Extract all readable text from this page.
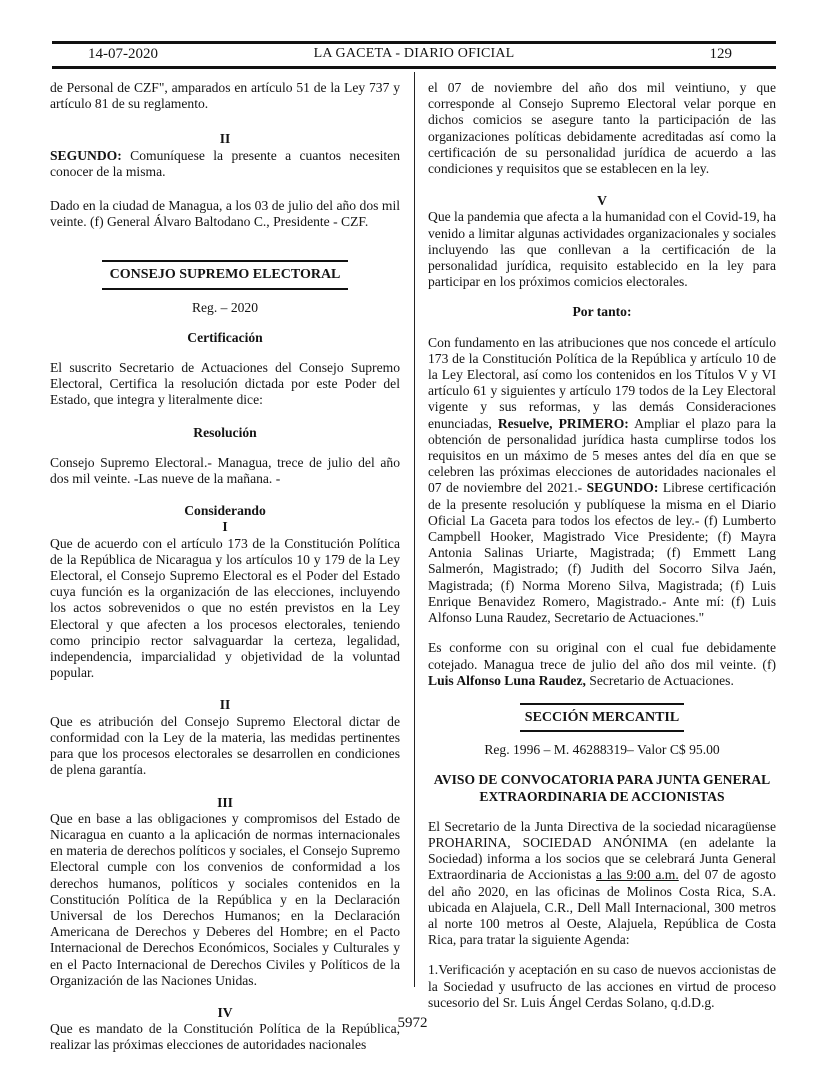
14-07-2020	LA GACETA - DIARIO OFICIAL	129

de Personal de CZF", amparados en artículo 51 de la Ley 737 y artículo 81 de su reglamento.

II

SEGUNDO: Comuníquese la presente a cuantos necesiten conocer de la misma.

Dado en la ciudad de Managua, a los 03 de julio del año dos mil veinte. (f) General Álvaro Baltodano C., Presidente - CZF.

CONSEJO SUPREMO ELECTORAL

Reg. – 2020

Certificación

El suscrito Secretario de Actuaciones del Consejo Supremo Electoral, Certifica la resolución dictada por este Poder del Estado, que integra y literalmente dice:

Resolución

Consejo Supremo Electoral.- Managua, trece de julio del año dos mil veinte. -Las nueve de la mañana. -

Considerando

I

Que de acuerdo con el artículo 173 de la Constitución Política de la República de Nicaragua y los artículos 10 y 179 de la Ley Electoral, el Consejo Supremo Electoral es el Poder del Estado cuya función es la organización de las elecciones, incluyendo los actos sobrevenidos o que no estén previstos en la Ley Electoral y que afecten a los procesos electorales, teniendo como principio rector salvaguardar la certeza, legalidad, independencia, imparcialidad y objetividad de la voluntad popular.

II

Que es atribución del Consejo Supremo Electoral dictar de conformidad con la Ley de la materia, las medidas pertinentes para que los procesos electorales se desarrollen en condiciones de plena garantía.

III

Que en base a las obligaciones y compromisos del Estado de Nicaragua en cuanto a la aplicación de normas internacionales en materia de derechos políticos y sociales, el Consejo Supremo Electoral cumple con los convenios de conformidad a los derechos humanos, políticos y sociales contenidos en la Constitución Política de la República y en la Declaración Universal de los Derechos Humanos; en la Declaración Americana de Derechos y Deberes del Hombre; en el Pacto Internacional de Derechos Económicos, Sociales y Culturales y en el Pacto Internacional de Derechos Civiles y Políticos de la Organización de las Naciones Unidas.

IV

Que es mandato de la Constitución Política de la República, realizar las próximas elecciones de autoridades nacionales

el 07 de noviembre del año dos mil veintiuno, y que corresponde al Consejo Supremo Electoral velar porque en dichos comicios se asegure tanto la participación de las organizaciones políticas debidamente acreditadas así como la certificación de su personalidad jurídica de acuerdo a las condiciones y requisitos que se establecen en la ley.

V

Que la pandemia que afecta a la humanidad con el Covid-19, ha venido a limitar algunas actividades organizacionales y sociales incluyendo las que conllevan a la certificación de la personalidad jurídica, requisito establecido en la ley para participar en los próximos comicios electorales.

Por tanto:

Con fundamento en las atribuciones que nos concede el artículo 173 de la Constitución Política de la República y artículo 10 de la Ley Electoral, así como los contenidos en los Títulos V y VI artículo 61 y siguientes y artículo 179 todos de la Ley Electoral vigente y sus reformas, y las demás Consideraciones enunciadas, Resuelve, PRIMERO: Ampliar el plazo para la obtención de personalidad jurídica hasta cumplirse todos los requisitos en un máximo de 5 meses antes del día en que se celebren las próximas elecciones de autoridades nacionales el 07 de noviembre del 2021.- SEGUNDO: Librese certificación de la presente resolución y publíquese la misma en el Diario Oficial La Gaceta para todos los efectos de ley.- (f) Lumberto Campbell Hooker, Magistrado Vice Presidente; (f) Mayra Antonia Salinas Uriarte, Magistrada; (f) Emmett Lang Salmerón, Magistrado; (f) Judith del Socorro Silva Jaén, Magistrada; (f) Norma Moreno Silva, Magistrada; (f) Luis Enrique Benavidez Romero, Magistrado.- Ante mí: (f) Luis Alfonso Luna Raudez, Secretario de Actuaciones."

Es conforme con su original con el cual fue debidamente cotejado. Managua trece de julio del año dos mil veinte. (f) Luis Alfonso Luna Raudez, Secretario de Actuaciones.

SECCIÓN MERCANTIL

Reg. 1996 – M. 46288319– Valor C$ 95.00

AVISO DE CONVOCATORIA PARA JUNTA GENERAL EXTRAORDINARIA DE ACCIONISTAS

El Secretario de la Junta Directiva de la sociedad nicaragüense PROHARINA, SOCIEDAD ANÓNIMA (en adelante la Sociedad) informa a los socios que se celebrará Junta General Extraordinaria de Accionistas a las 9:00 a.m. del 07 de agosto del año 2020, en las oficinas de Molinos Costa Rica, S.A. ubicada en Alajuela, C.R., Dell Mall Internacional, 300 metros al norte 100 metros al Oeste, Alajuela, República de Costa Rica, para tratar la siguiente Agenda:

1.Verificación y aceptación en su caso de nuevos accionistas de la Sociedad y usufructo de las acciones en virtud de proceso sucesorio del Sr. Luis Ángel Cerdas Solano, q.d.D.g.

5972
